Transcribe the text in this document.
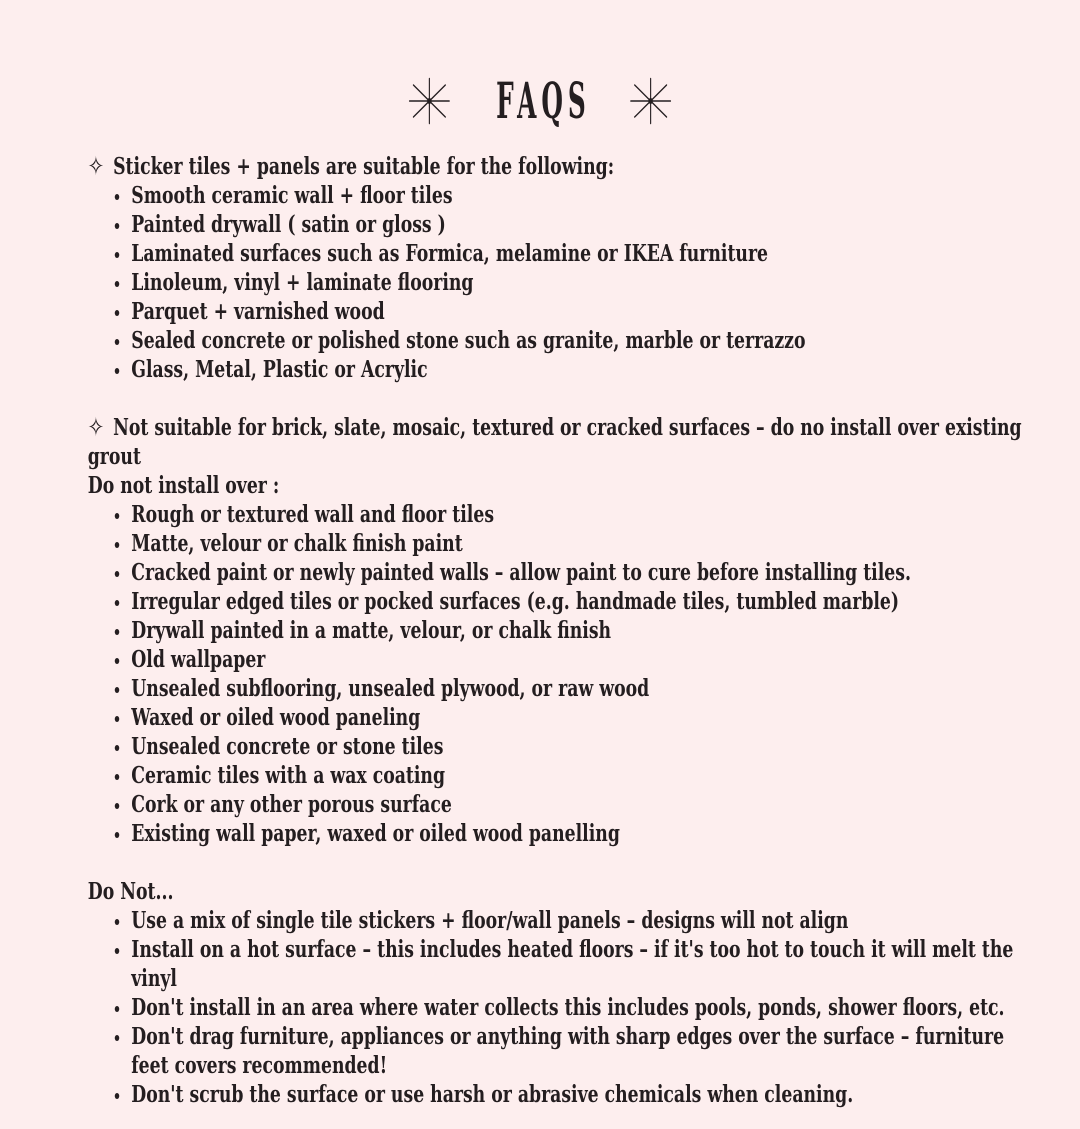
FAQS
✧ Sticker tiles + panels are suitable for the following:
Smooth ceramic wall + floor tiles
Painted drywall ( satin or gloss )
Laminated surfaces such as Formica, melamine or IKEA furniture
Linoleum, vinyl + laminate flooring
Parquet + varnished wood
Sealed concrete or polished stone such as granite, marble or terrazzo
Glass, Metal, Plastic or Acrylic
✧ Not suitable for brick, slate, mosaic, textured or cracked surfaces – do no install over existing grout
Do not install over :
Rough or textured wall and floor tiles
Matte, velour or chalk finish paint
Cracked paint or newly painted walls – allow paint to cure before installing tiles.
Irregular edged tiles or pocked surfaces (e.g. handmade tiles, tumbled marble)
Drywall painted in a matte, velour, or chalk finish
Old wallpaper
Unsealed subflooring, unsealed plywood, or raw wood
Waxed or oiled wood paneling
Unsealed concrete or stone tiles
Ceramic tiles with a wax coating
Cork or any other porous surface
Existing wall paper, waxed or oiled wood panelling
Do Not...
Use a mix of single tile stickers + floor/wall panels – designs will not align
Install on a hot surface – this includes heated floors – if it's too hot to touch it will melt the vinyl
Don't install in an area where water collects this includes pools, ponds, shower floors, etc.
Don't drag furniture, appliances or anything with sharp edges over the surface – furniture feet covers recommended!
Don't scrub the surface or use harsh or abrasive chemicals when cleaning.
